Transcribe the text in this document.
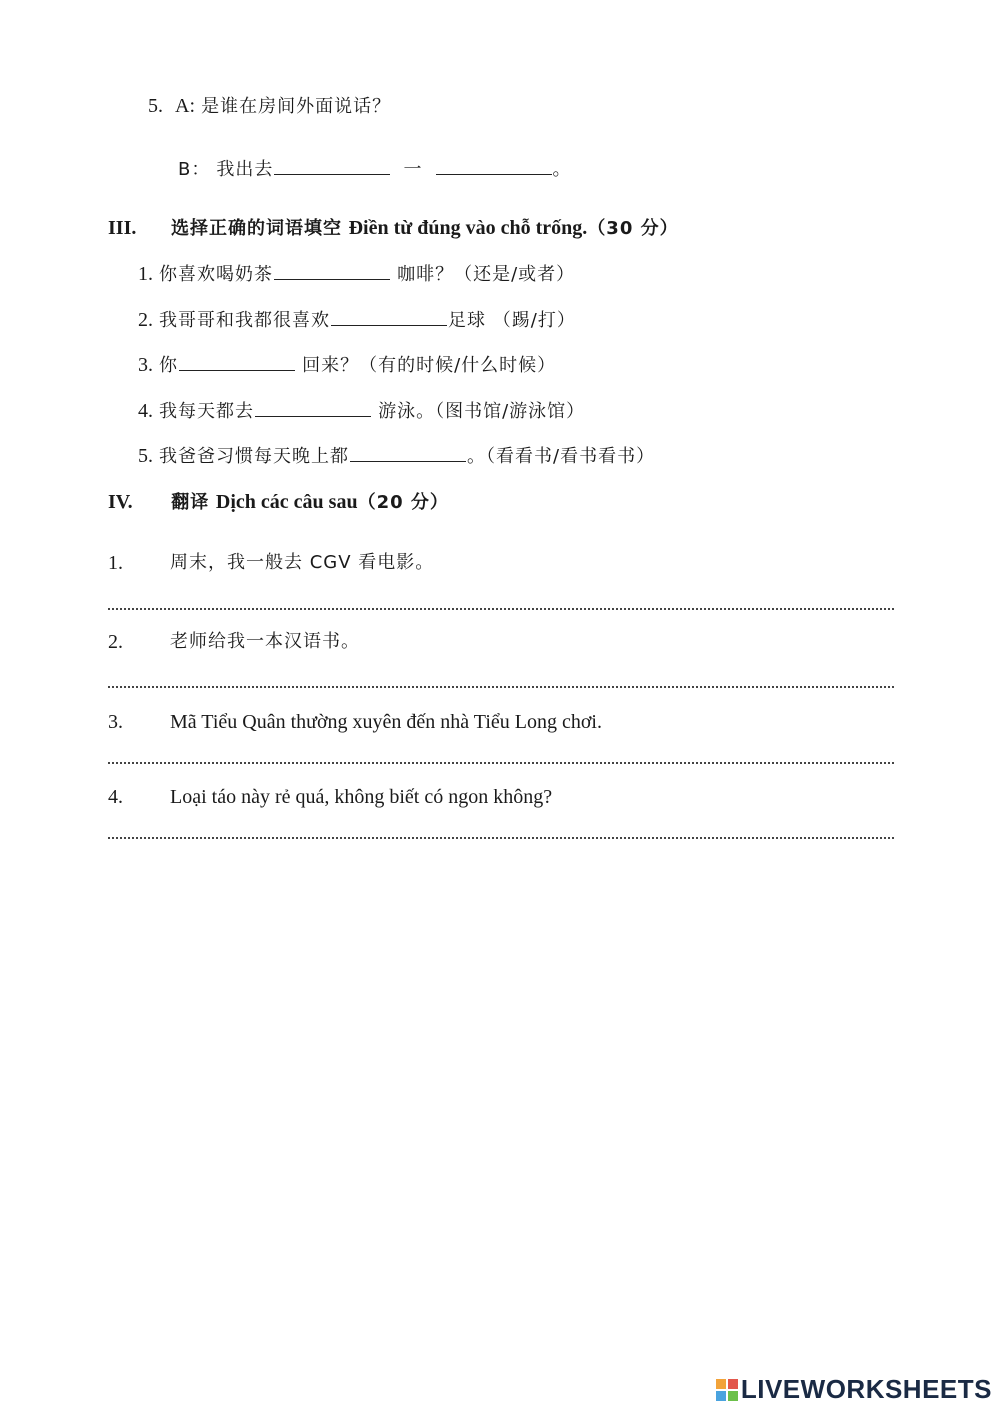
5. A: 是谁在房间外面说话？
B： 我出去	一	。
III. 选择正确的词语填空 Điền từ đúng vào chỗ trống.（30 分）
1. 你喜欢喝奶茶	咖啡？（还是/或者）
2. 我哥哥和我都很喜欢	足球 （踢/打）
3. 你	回来？（有的时候/什么时候）
4. 我每天都去	游泳。（图书馆/游泳馆）
5. 我爸爸习惯每天晚上都	。（看看书/看书看书）
IV. 翻译 Dịch các câu sau（20 分）
1.	周末，我一般去 CGV 看电影。
2.	老师给我一本汉语书。
3. Mã Tiểu Quân thường xuyên đến nhà Tiểu Long chơi.
4. Loại táo này rẻ quá, không biết có ngon không?
LIVEWORKSHEETS
